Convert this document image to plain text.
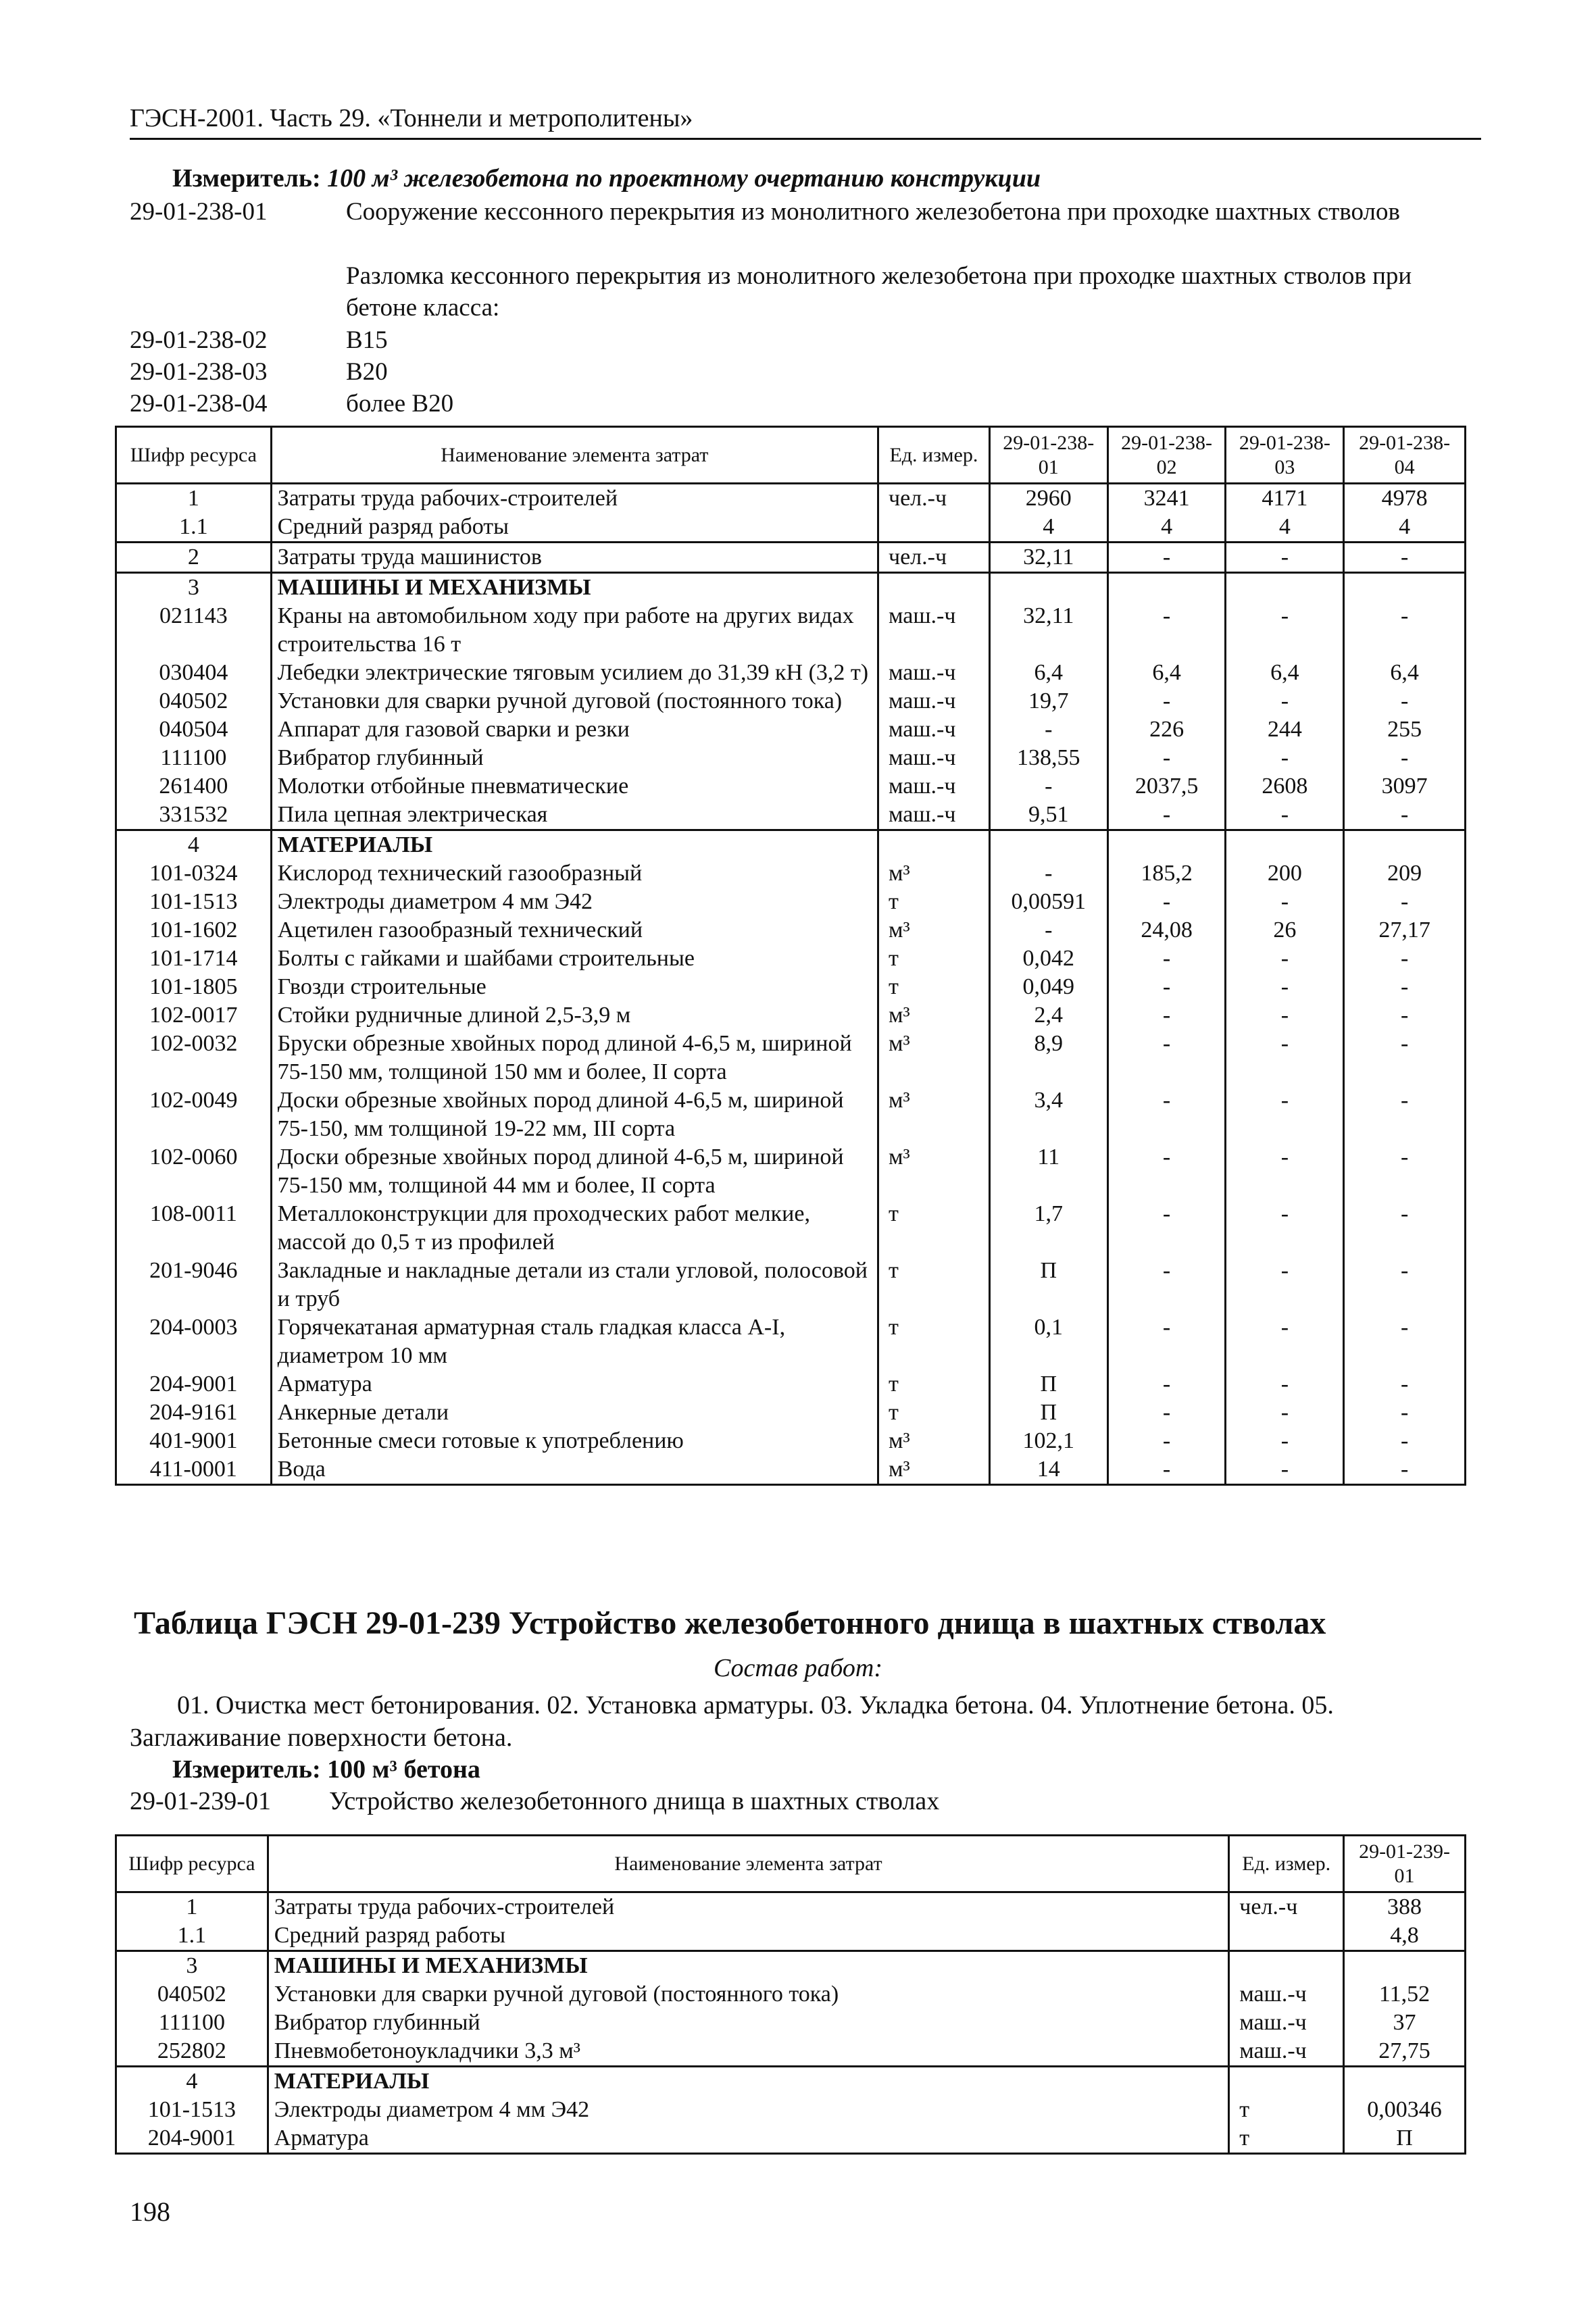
ГЭСН-2001. Часть 29. «Тоннели и метрополитены»
Измеритель: 100 м³ железобетона по проектному очертанию конструкции
29-01-238-01	Сооружение кессонного перекрытия из монолитного железобетона при проходке шахтных стволов
Разломка кессонного перекрытия из монолитного железобетона при проходке шахтных стволов при бетоне класса:
29-01-238-02	B15
29-01-238-03	B20
29-01-238-04	более B20
Шифр ресурса	Наименование элемента затрат	Ед. измер.	29-01-238-01	29-01-238-02	29-01-238-03	29-01-238-04
1	Затраты труда рабочих-строителей	чел.-ч	2960	3241	4171	4978
1.1	Средний разряд работы		4	4	4	4
2	Затраты труда машинистов	чел.-ч	32,11	-	-	-
3	МАШИНЫ И МЕХАНИЗМЫ					
021143	Краны на автомобильном ходу при работе на других видах строительства 16 т	маш.-ч	32,11	-	-	-
030404	Лебедки электрические тяговым усилием до 31,39 кН (3,2 т)	маш.-ч	6,4	6,4	6,4	6,4
040502	Установки для сварки ручной дуговой (постоянного тока)	маш.-ч	19,7	-	-	-
040504	Аппарат для газовой сварки и резки	маш.-ч	-	226	244	255
111100	Вибратор глубинный	маш.-ч	138,55	-	-	-
261400	Молотки отбойные пневматические	маш.-ч	-	2037,5	2608	3097
331532	Пила цепная электрическая	маш.-ч	9,51	-	-	-
4	МАТЕРИАЛЫ					
101-0324	Кислород технический газообразный	м³	-	185,2	200	209
101-1513	Электроды диаметром 4 мм Э42	т	0,00591	-	-	-
101-1602	Ацетилен газообразный технический	м³	-	24,08	26	27,17
101-1714	Болты с гайками и шайбами строительные	т	0,042	-	-	-
101-1805	Гвозди строительные	т	0,049	-	-	-
102-0017	Стойки рудничные длиной 2,5-3,9 м	м³	2,4	-	-	-
102-0032	Бруски обрезные хвойных пород длиной 4-6,5 м, шириной 75-150 мм, толщиной 150 мм и более, II сорта	м³	8,9	-	-	-
102-0049	Доски обрезные хвойных пород длиной 4-6,5 м, шириной 75-150, мм толщиной 19-22 мм, III сорта	м³	3,4	-	-	-
102-0060	Доски обрезные хвойных пород длиной 4-6,5 м, шириной 75-150 мм, толщиной 44 мм и более, II сорта	м³	11	-	-	-
108-0011	Металлоконструкции для проходческих работ мелкие, массой до 0,5 т из профилей	т	1,7	-	-	-
201-9046	Закладные и накладные детали из стали угловой, полосовой и труб	т	П	-	-	-
204-0003	Горячекатаная арматурная сталь гладкая класса А-I, диаметром 10 мм	т	0,1	-	-	-
204-9001	Арматура	т	П	-	-	-
204-9161	Анкерные детали	т	П	-	-	-
401-9001	Бетонные смеси готовые к употреблению	м³	102,1	-	-	-
411-0001	Вода	м³	14	-	-	-
Таблица ГЭСН 29-01-239 Устройство железобетонного днища в шахтных стволах
Состав работ:
01. Очистка мест бетонирования. 02. Установка арматуры. 03. Укладка бетона. 04. Уплотнение бетона. 05. Заглаживание поверхности бетона.
Измеритель: 100 м³ бетона
29-01-239-01	Устройство железобетонного днища в шахтных стволах
Шифр ресурса	Наименование элемента затрат	Ед. измер.	29-01-239-01
1	Затраты труда рабочих-строителей	чел.-ч	388
1.1	Средний разряд работы		4,8
3	МАШИНЫ И МЕХАНИЗМЫ		
040502	Установки для сварки ручной дуговой (постоянного тока)	маш.-ч	11,52
111100	Вибратор глубинный	маш.-ч	37
252802	Пневмобетоноукладчики 3,3 м³	маш.-ч	27,75
4	МАТЕРИАЛЫ		
101-1513	Электроды диаметром 4 мм Э42	т	0,00346
204-9001	Арматура	т	П
198
